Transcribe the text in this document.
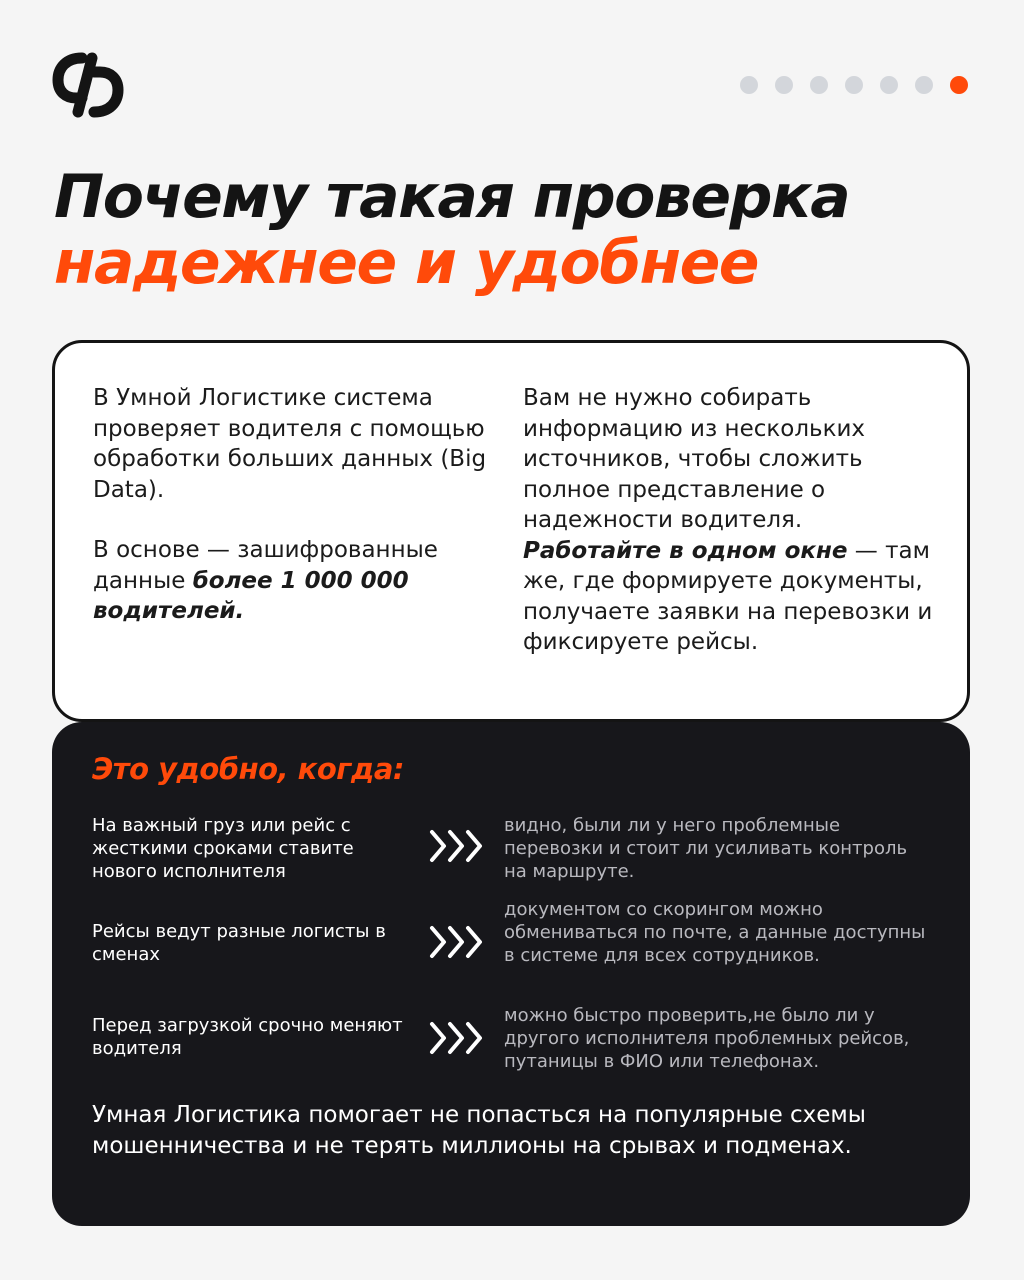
Почему такая проверка
надежнее и удобнее

В Умной Логистике система проверяет водителя с помощью обработки больших данных (Big Data).

В основе — зашифрованные данные более 1 000 000 водителей.

Вам не нужно собирать информацию из нескольких источников, чтобы сложить полное представление о надежности водителя.
Работайте в одном окне — там же, где формируете документы, получаете заявки на перевозки и фиксируете рейсы.
Это удобно, когда:
На важный груз или рейс с жесткими сроками ставите нового исполнителя
видно, были ли у него проблемные перевозки и стоит ли усиливать контроль на маршруте.
Рейсы ведут разные логисты в сменах
документом со скорингом можно обмениваться по почте, а данные доступны в системе для всех сотрудников.
Перед загрузкой срочно меняют водителя
можно быстро проверить,не было ли у другого исполнителя проблемных рейсов, путаницы в ФИО или телефонах.
Умная Логистика помогает не попасться на популярные схемы мошенничества и не терять миллионы на срывах и подменах.
